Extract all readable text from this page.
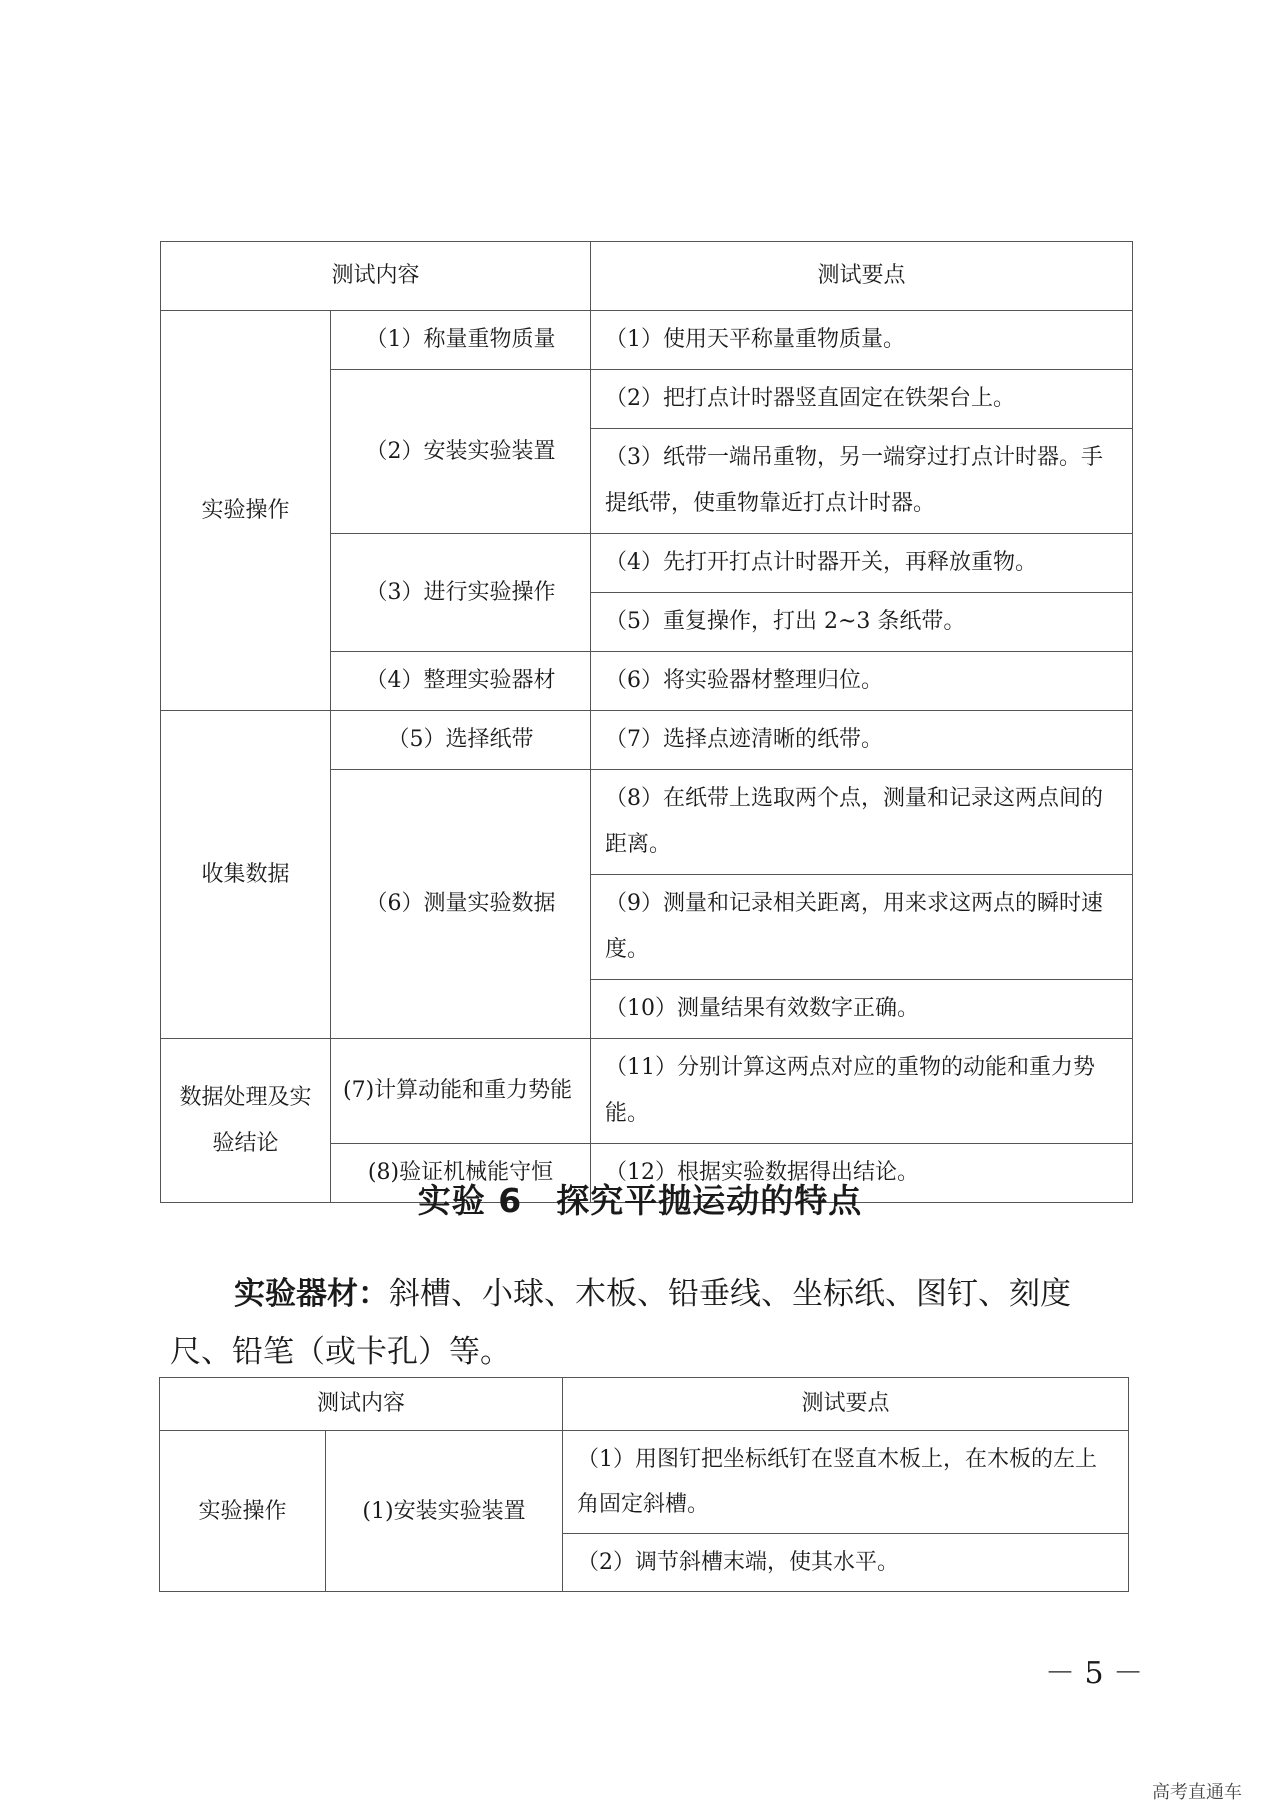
测试内容		测试要点
实验操作	（1）称量重物质量	（1）使用天平称量重物质量。
	（2）安装实验装置	（2）把打点计时器竖直固定在铁架台上。
		（3）纸带一端吊重物，另一端穿过打点计时器。手提纸带，使重物靠近打点计时器。
	（3）进行实验操作	（4）先打开打点计时器开关，再释放重物。
		（5）重复操作，打出 2~3 条纸带。
	（4）整理实验器材	（6）将实验器材整理归位。
收集数据	（5）选择纸带	（7）选择点迹清晰的纸带。
	（6）测量实验数据	（8）在纸带上选取两个点，测量和记录这两点间的距离。
		（9）测量和记录相关距离，用来求这两点的瞬时速度。
		（10）测量结果有效数字正确。
数据处理及实验结论	(7)计算动能和重力势能	（11）分别计算这两点对应的重物的动能和重力势能。
	(8)验证机械能守恒	（12）根据实验数据得出结论。
实验 6　探究平抛运动的特点
实验器材：斜槽、小球、木板、铅垂线、坐标纸、图钉、刻度
尺、铅笔（或卡孔）等。
测试内容		测试要点
实验操作	(1)安装实验装置	（1）用图钉把坐标纸钉在竖直木板上，在木板的左上角固定斜槽。
		（2）调节斜槽末端，使其水平。
－ 5 －
高考直通车
